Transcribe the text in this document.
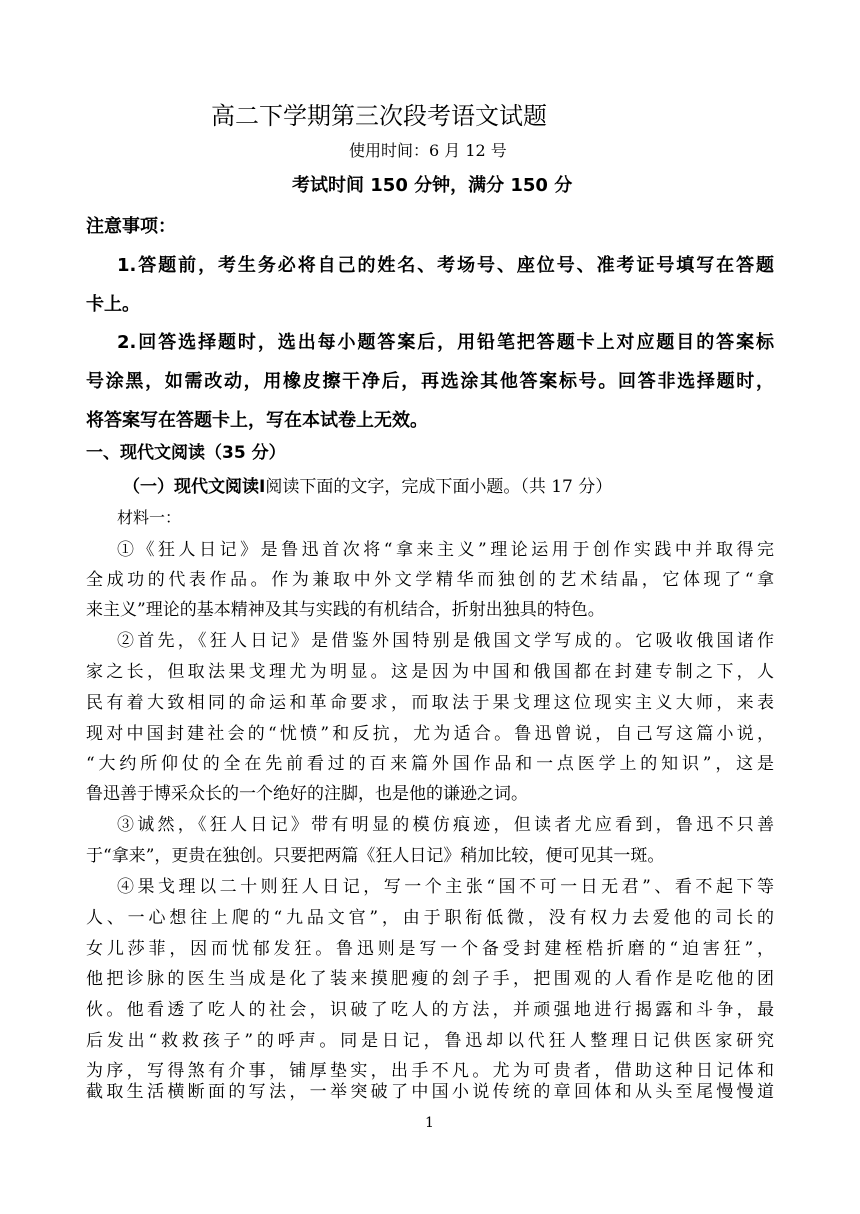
高二下学期第三次段考语文试题
使用时间：6 月 12 号
考试时间 150 分钟，满分 150 分
注意事项：
1.答题前，考生务必将自己的姓名、考场号、座位号、准考证号填写在答题
卡上。
2.回答选择题时，选出每小题答案后，用铅笔把答题卡上对应题目的答案标
号涂黑，如需改动，用橡皮擦干净后，再选涂其他答案标号。回答非选择题时，
将答案写在答题卡上，写在本试卷上无效。
一、现代文阅读（35 分）
（一）现代文阅读Ⅰ阅读下面的文字，完成下面小题。（共 17 分）
材料一：
①《狂人日记》是鲁迅首次将“拿来主义”理论运用于创作实践中并取得完
全成功的代表作品。作为兼取中外文学精华而独创的艺术结晶，它体现了“拿
来主义”理论的基本精神及其与实践的有机结合，折射出独具的特色。
②首先，《狂人日记》是借鉴外国特别是俄国文学写成的。它吸收俄国诸作
家之长，但取法果戈理尤为明显。这是因为中国和俄国都在封建专制之下，人
民有着大致相同的命运和革命要求，而取法于果戈理这位现实主义大师，来表
现对中国封建社会的“忧愤”和反抗，尤为适合。鲁迅曾说，自己写这篇小说，
“大约所仰仗的全在先前看过的百来篇外国作品和一点医学上的知识”，这是
鲁迅善于博采众长的一个绝好的注脚，也是他的谦逊之词。
③诚然，《狂人日记》带有明显的模仿痕迹，但读者尤应看到，鲁迅不只善
于“拿来”，更贵在独创。只要把两篇《狂人日记》稍加比较，便可见其一斑。
④果戈理以二十则狂人日记，写一个主张“国不可一日无君”、看不起下等
人、一心想往上爬的“九品文官”，由于职衔低微，没有权力去爱他的司长的
女儿莎菲，因而忧郁发狂。鲁迅则是写一个备受封建桎梏折磨的“迫害狂”，
他把诊脉的医生当成是化了装来摸肥瘦的刽子手，把围观的人看作是吃他的团
伙。他看透了吃人的社会，识破了吃人的方法，并顽强地进行揭露和斗争，最
后发出“救救孩子”的呼声。同是日记，鲁迅却以代狂人整理日记供医家研究
为序，写得煞有介事，铺厚垫实，出手不凡。尤为可贵者，借助这种日记体和
截取生活横断面的写法，一举突破了中国小说传统的章回体和从头至尾慢慢道
1
